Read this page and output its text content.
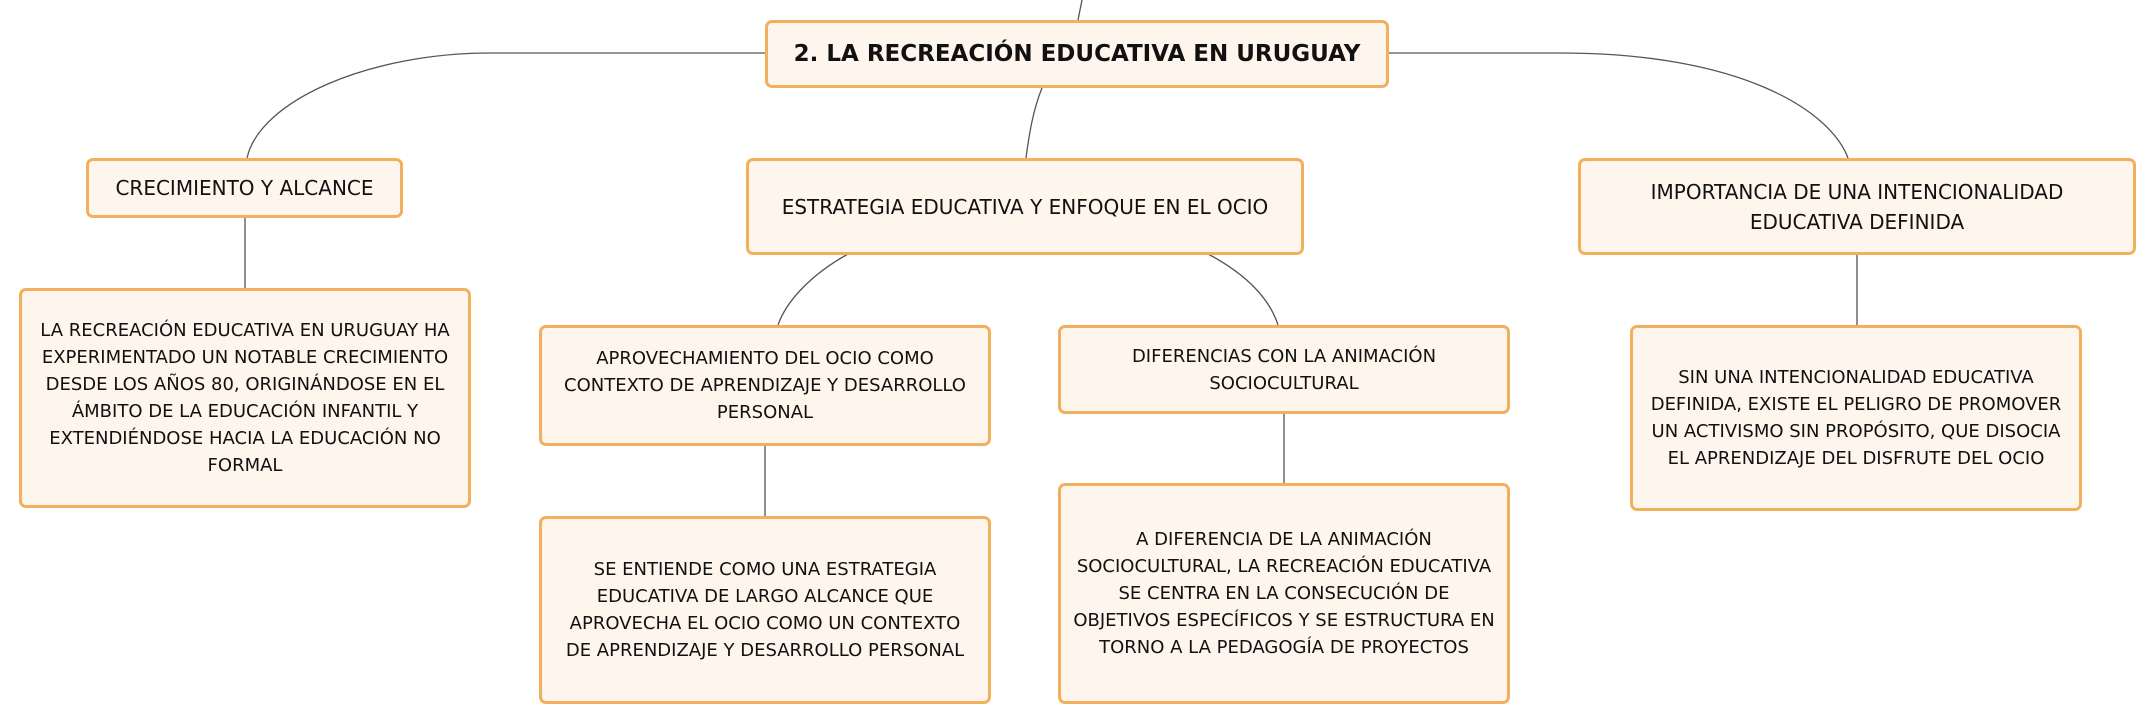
2. LA RECREACIÓN EDUCATIVA EN URUGUAY
CRECIMIENTO Y ALCANCE
LA RECREACIÓN EDUCATIVA EN URUGUAY HA EXPERIMENTADO UN NOTABLE CRECIMIENTO DESDE LOS AÑOS 80, ORIGINÁNDOSE EN EL ÁMBITO DE LA EDUCACIÓN INFANTIL Y EXTENDIÉNDOSE HACIA LA EDUCACIÓN NO FORMAL
ESTRATEGIA EDUCATIVA Y ENFOQUE EN EL OCIO
APROVECHAMIENTO DEL OCIO COMO CONTEXTO DE APRENDIZAJE Y DESARROLLO PERSONAL
SE ENTIENDE COMO UNA ESTRATEGIA EDUCATIVA DE LARGO ALCANCE QUE APROVECHA EL OCIO COMO UN CONTEXTO DE APRENDIZAJE Y DESARROLLO PERSONAL
DIFERENCIAS CON LA ANIMACIÓN SOCIOCULTURAL
A DIFERENCIA DE LA ANIMACIÓN SOCIOCULTURAL, LA RECREACIÓN EDUCATIVA SE CENTRA EN LA CONSECUCIÓN DE OBJETIVOS ESPECÍFICOS Y SE ESTRUCTURA EN TORNO A LA PEDAGOGÍA DE PROYECTOS
IMPORTANCIA DE UNA INTENCIONALIDAD EDUCATIVA DEFINIDA
SIN UNA INTENCIONALIDAD EDUCATIVA DEFINIDA, EXISTE EL PELIGRO DE PROMOVER UN ACTIVISMO SIN PROPÓSITO, QUE DISOCIA EL APRENDIZAJE DEL DISFRUTE DEL OCIO
